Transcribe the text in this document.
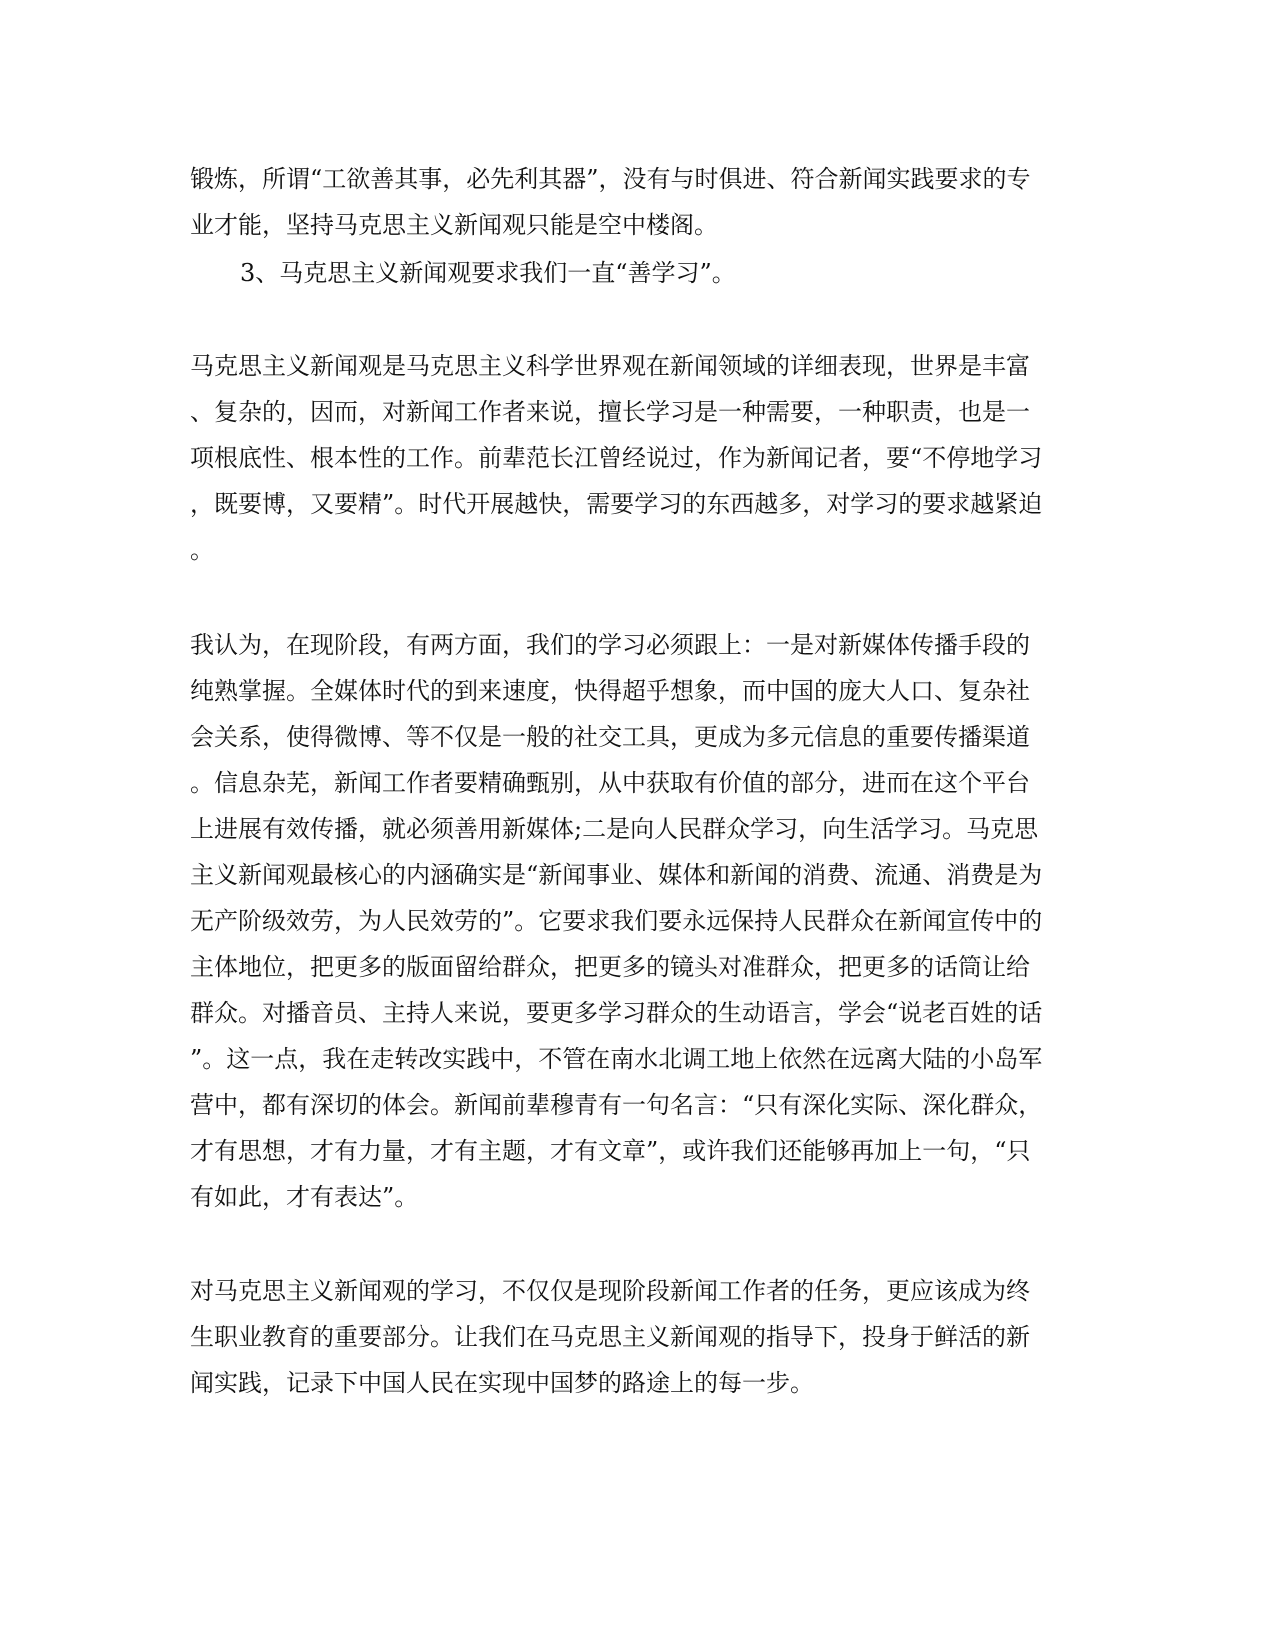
锻炼，所谓“工欲善其事，必先利其器”，没有与时俱进、符合新闻实践要求的专

业才能，坚持马克思主义新闻观只能是空中楼阁。

3、马克思主义新闻观要求我们一直“善学习”。

马克思主义新闻观是马克思主义科学世界观在新闻领域的详细表现，世界是丰富

、复杂的，因而，对新闻工作者来说，擅长学习是一种需要，一种职责，也是一

项根底性、根本性的工作。前辈范长江曾经说过，作为新闻记者，要“不停地学习

，既要博，又要精”。时代开展越快，需要学习的东西越多，对学习的要求越紧迫

。

我认为，在现阶段，有两方面，我们的学习必须跟上：一是对新媒体传播手段的

纯熟掌握。全媒体时代的到来速度，快得超乎想象，而中国的庞大人口、复杂社

会关系，使得微博、等不仅是一般的社交工具，更成为多元信息的重要传播渠道

。信息杂芜，新闻工作者要精确甄别，从中获取有价值的部分，进而在这个平台

上进展有效传播，就必须善用新媒体;二是向人民群众学习，向生活学习。马克思

主义新闻观最核心的内涵确实是“新闻事业、媒体和新闻的消费、流通、消费是为

无产阶级效劳，为人民效劳的”。它要求我们要永远保持人民群众在新闻宣传中的

主体地位，把更多的版面留给群众，把更多的镜头对准群众，把更多的话筒让给

群众。对播音员、主持人来说，要更多学习群众的生动语言，学会“说老百姓的话

”。这一点，我在走转改实践中，不管在南水北调工地上依然在远离大陆的小岛军

营中，都有深切的体会。新闻前辈穆青有一句名言：“只有深化实际、深化群众，

才有思想，才有力量，才有主题，才有文章”，或许我们还能够再加上一句，“只

有如此，才有表达”。

对马克思主义新闻观的学习，不仅仅是现阶段新闻工作者的任务，更应该成为终

生职业教育的重要部分。让我们在马克思主义新闻观的指导下，投身于鲜活的新

闻实践，记录下中国人民在实现中国梦的路途上的每一步。
